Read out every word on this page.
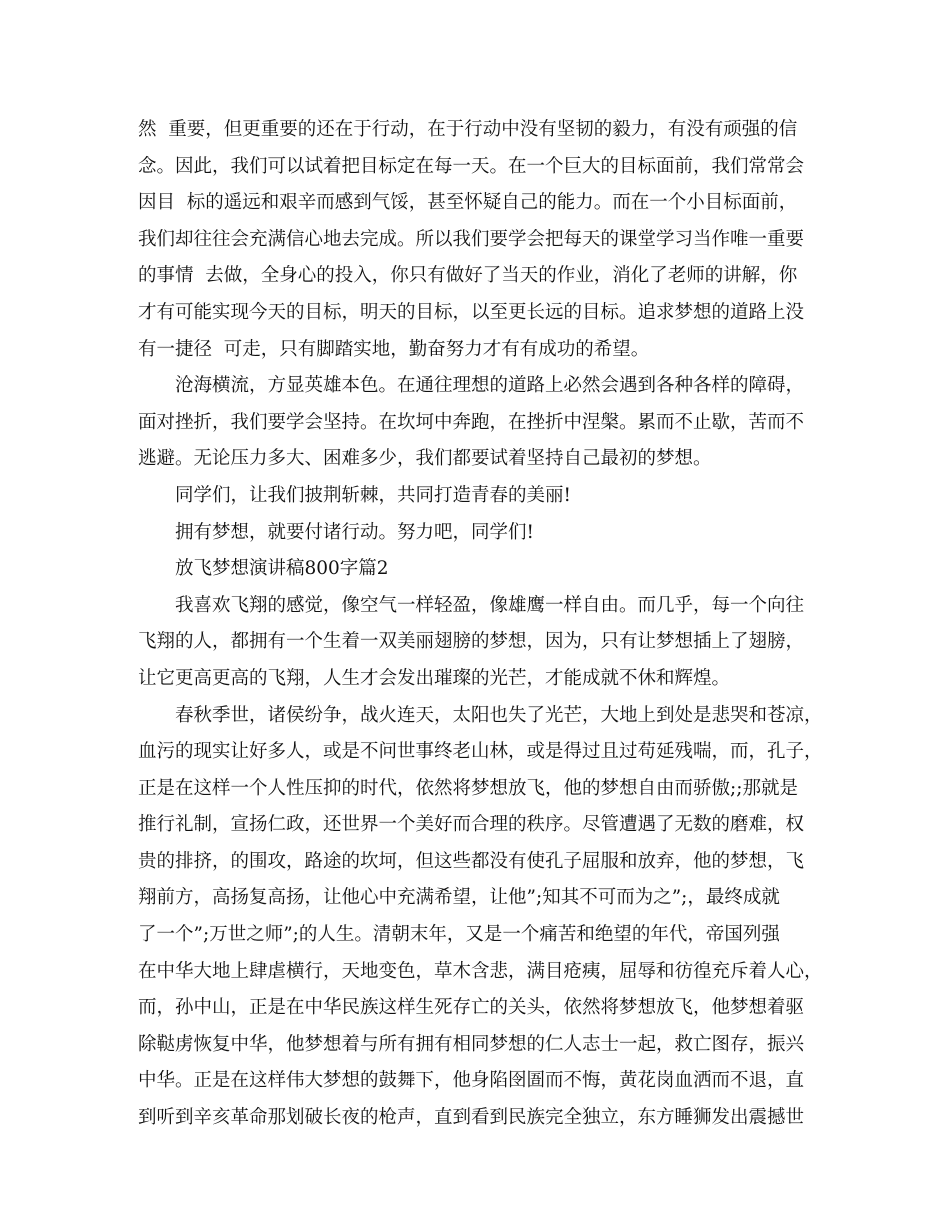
然  重要，但更重要的还在于行动，在于行动中没有坚韧的毅力，有没有顽强的信
念。因此，我们可以试着把目标定在每一天。在一个巨大的目标面前，我们常常会
因目  标的遥远和艰辛而感到气馁，甚至怀疑自己的能力。而在一个小目标面前，
我们却往往会充满信心地去完成。所以我们要学会把每天的课堂学习当作唯一重要
的事情  去做，全身心的投入，你只有做好了当天的作业，消化了老师的讲解，你
才有可能实现今天的目标，明天的目标，以至更长远的目标。追求梦想的道路上没
有一捷径  可走，只有脚踏实地，勤奋努力才有有成功的希望。
沧海横流，方显英雄本色。在通往理想的道路上必然会遇到各种各样的障碍，
面对挫折，我们要学会坚持。在坎坷中奔跑，在挫折中涅槃。累而不止歇，苦而不
逃避。无论压力多大、困难多少，我们都要试着坚持自己最初的梦想。
同学们，让我们披荆斩棘，共同打造青春的美丽!
拥有梦想，就要付诸行动。努力吧，同学们!
放飞梦想演讲稿800字篇2
我喜欢飞翔的感觉，像空气一样轻盈，像雄鹰一样自由。而几乎，每一个向往
飞翔的人，都拥有一个生着一双美丽翅膀的梦想，因为，只有让梦想插上了翅膀，
让它更高更高的飞翔，人生才会发出璀璨的光芒，才能成就不休和辉煌。
春秋季世，诸侯纷争，战火连天，太阳也失了光芒，大地上到处是悲哭和苍凉，
血污的现实让好多人，或是不问世事终老山林，或是得过且过苟延残喘，而，孔子，
正是在这样一个人性压抑的时代，依然将梦想放飞，他的梦想自由而骄傲;;那就是
推行礼制，宣扬仁政，还世界一个美好而合理的秩序。尽管遭遇了无数的磨难，权
贵的排挤，的围攻，路途的坎坷，但这些都没有使孔子屈服和放弃，他的梦想，飞
翔前方，高扬复高扬，让他心中充满希望，让他”;知其不可而为之”;，最终成就
了一个”;万世之师”;的人生。清朝末年，又是一个痛苦和绝望的年代，帝国列强
在中华大地上肆虐横行，天地变色，草木含悲，满目疮痍，屈辱和彷徨充斥着人心，
而，孙中山，正是在中华民族这样生死存亡的关头，依然将梦想放飞，他梦想着驱
除鞑虏恢复中华，他梦想着与所有拥有相同梦想的仁人志士一起，救亡图存，振兴
中华。正是在这样伟大梦想的鼓舞下，他身陷囹圄而不悔，黄花岗血洒而不退，直
到听到辛亥革命那划破长夜的枪声，直到看到民族完全独立，东方睡狮发出震撼世
